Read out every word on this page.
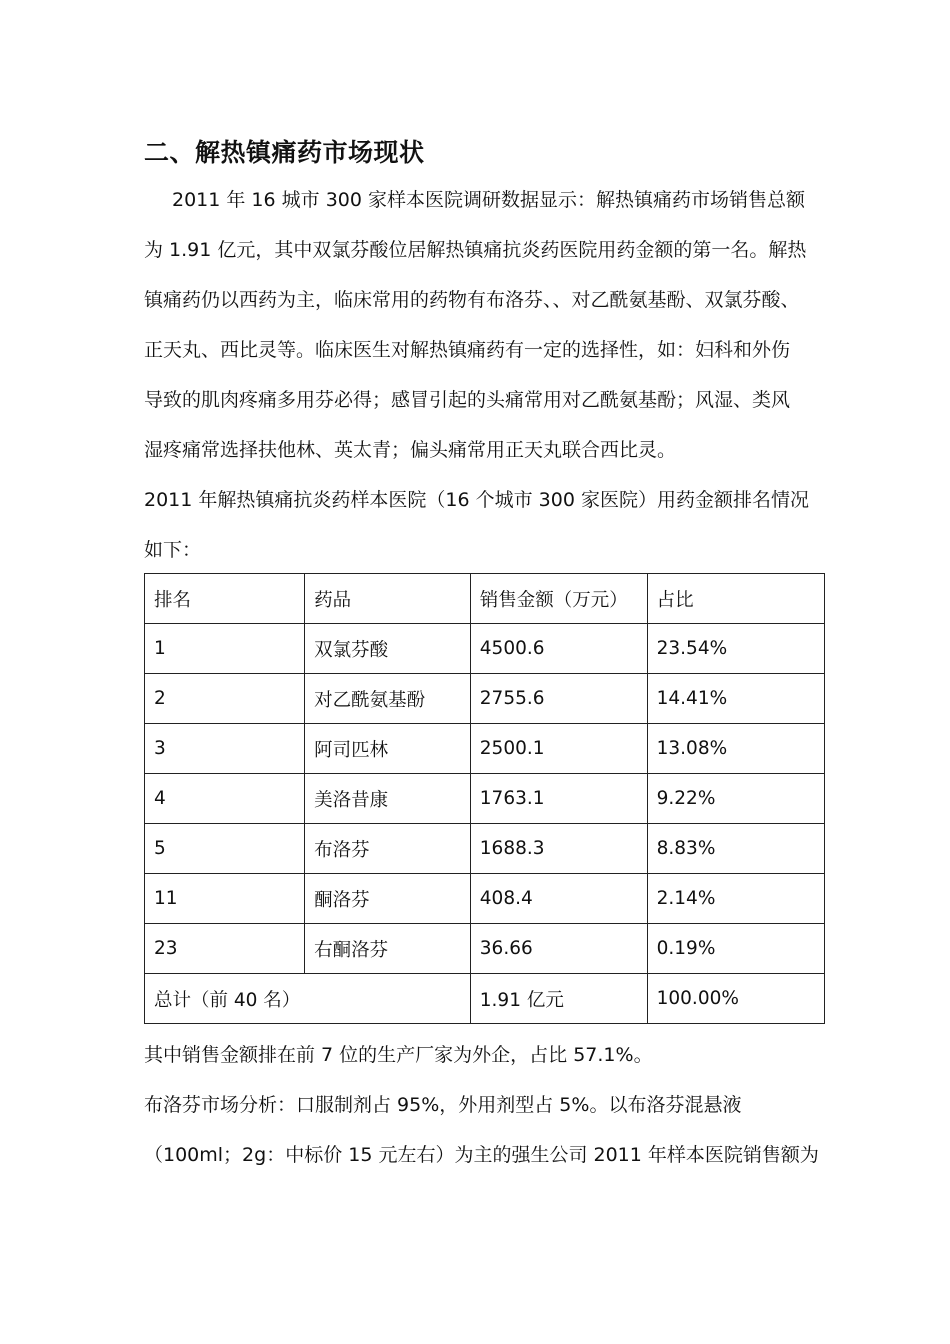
二、解热镇痛药市场现状
2011 年 16 城市 300 家样本医院调研数据显示：解热镇痛药市场销售总额
为 1.91 亿元，其中双氯芬酸位居解热镇痛抗炎药医院用药金额的第一名。解热
镇痛药仍以西药为主，临床常用的药物有布洛芬、、对乙酰氨基酚、双氯芬酸、
正天丸、西比灵等。临床医生对解热镇痛药有一定的选择性，如：妇科和外伤
导致的肌肉疼痛多用芬必得；感冒引起的头痛常用对乙酰氨基酚；风湿、类风
湿疼痛常选择扶他林、英太青；偏头痛常用正天丸联合西比灵。
2011 年解热镇痛抗炎药样本医院（16 个城市 300 家医院）用药金额排名情况
如下：
排名	药品	销售金额（万元）	占比
1	双氯芬酸	4500.6	23.54%
2	对乙酰氨基酚	2755.6	14.41%
3	阿司匹林	2500.1	13.08%
4	美洛昔康	1763.1	9.22%
5	布洛芬	1688.3	8.83%
11	酮洛芬	408.4	2.14%
23	右酮洛芬	36.66	0.19%
总计（前 40 名）		1.91 亿元	100.00%
其中销售金额排在前 7 位的生产厂家为外企，占比 57.1%。
布洛芬市场分析：口服制剂占 95%，外用剂型占 5%。以布洛芬混悬液
（100ml；2g：中标价 15 元左右）为主的强生公司 2011 年样本医院销售额为
